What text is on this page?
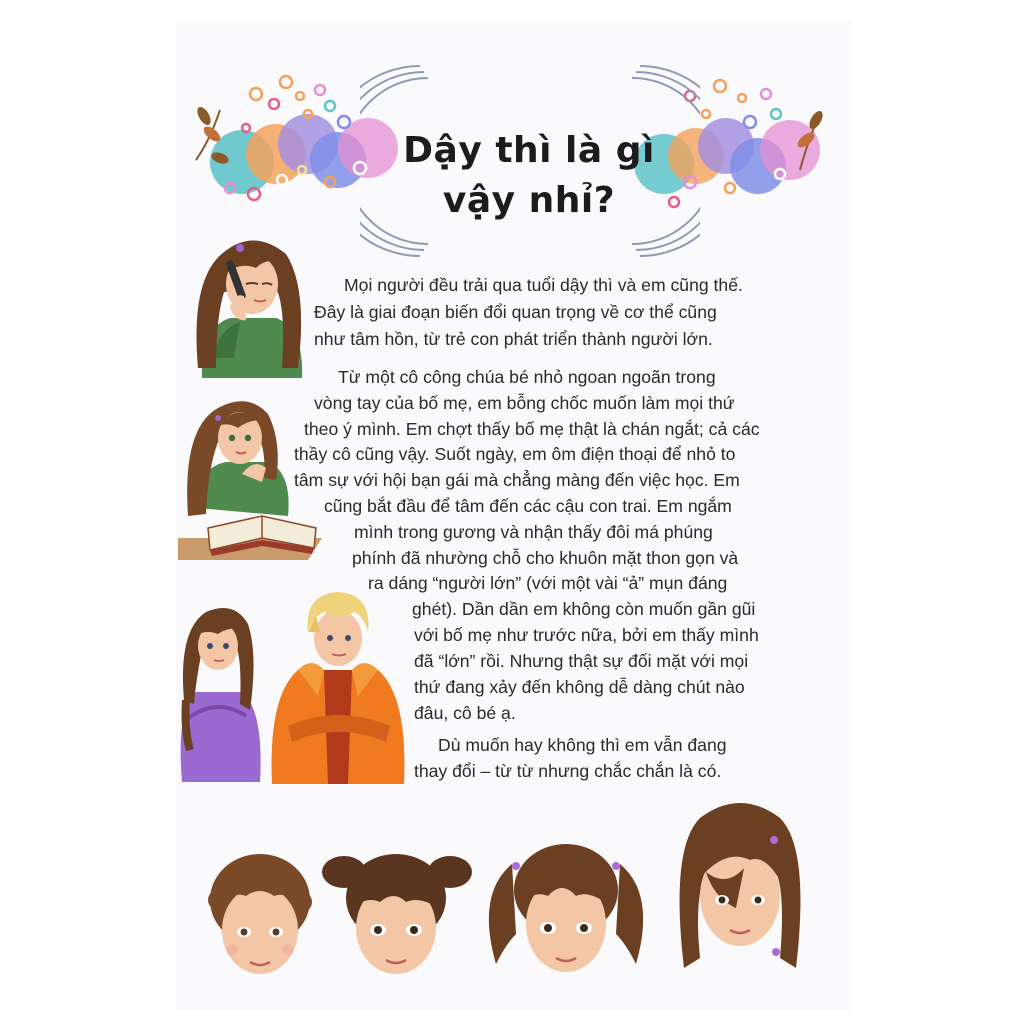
Dậy thì là gì
vậy nhỉ?
Mọi người đều trải qua tuổi dậy thì và em cũng thế.
Đây là giai đoạn biến đổi quan trọng về cơ thể cũng
như tâm hồn, từ trẻ con phát triển thành người lớn.
Từ một cô công chúa bé nhỏ ngoan ngoãn trong
vòng tay của bố mẹ, em bỗng chốc muốn làm mọi thứ
theo ý mình. Em chợt thấy bố mẹ thật là chán ngắt; cả các
thầy cô cũng vậy. Suốt ngày, em ôm điện thoại để nhỏ to
tâm sự với hội bạn gái mà chẳng màng đến việc học. Em
cũng bắt đầu để tâm đến các cậu con trai. Em ngắm
mình trong gương và nhận thấy đôi má phúng
phính đã nhường chỗ cho khuôn mặt thon gọn và
ra dáng “người lớn” (với một vài “ả” mụn đáng
ghét). Dần dần em không còn muốn gần gũi
với bố mẹ như trước nữa, bởi em thấy mình
đã “lớn” rồi. Nhưng thật sự đối mặt với mọi
thứ đang xảy đến không dễ dàng chút nào
đâu, cô bé ạ.
Dù muốn hay không thì em vẫn đang
thay đổi – từ từ nhưng chắc chắn là có.
